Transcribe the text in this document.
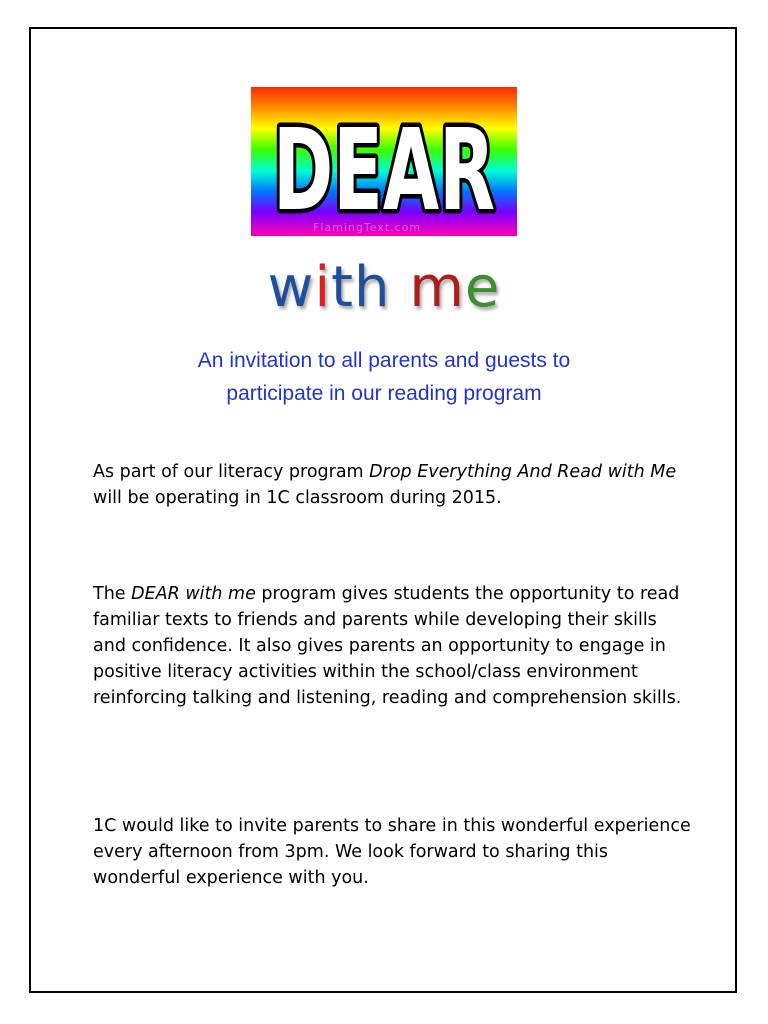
DEAR
FlamingText.com
with me

An invitation to all parents and guests to
participate in our reading program

As part of our literacy program Drop Everything And Read with Me will be operating in 1C classroom during 2015.

The DEAR with me program gives students the opportunity to read familiar texts to friends and parents while developing their skills and confidence. It also gives parents an opportunity to engage in positive literacy activities within the school/class environment reinforcing talking and listening, reading and comprehension skills.

1C would like to invite parents to share in this wonderful experience every afternoon from 3pm. We look forward to sharing this wonderful experience with you.
